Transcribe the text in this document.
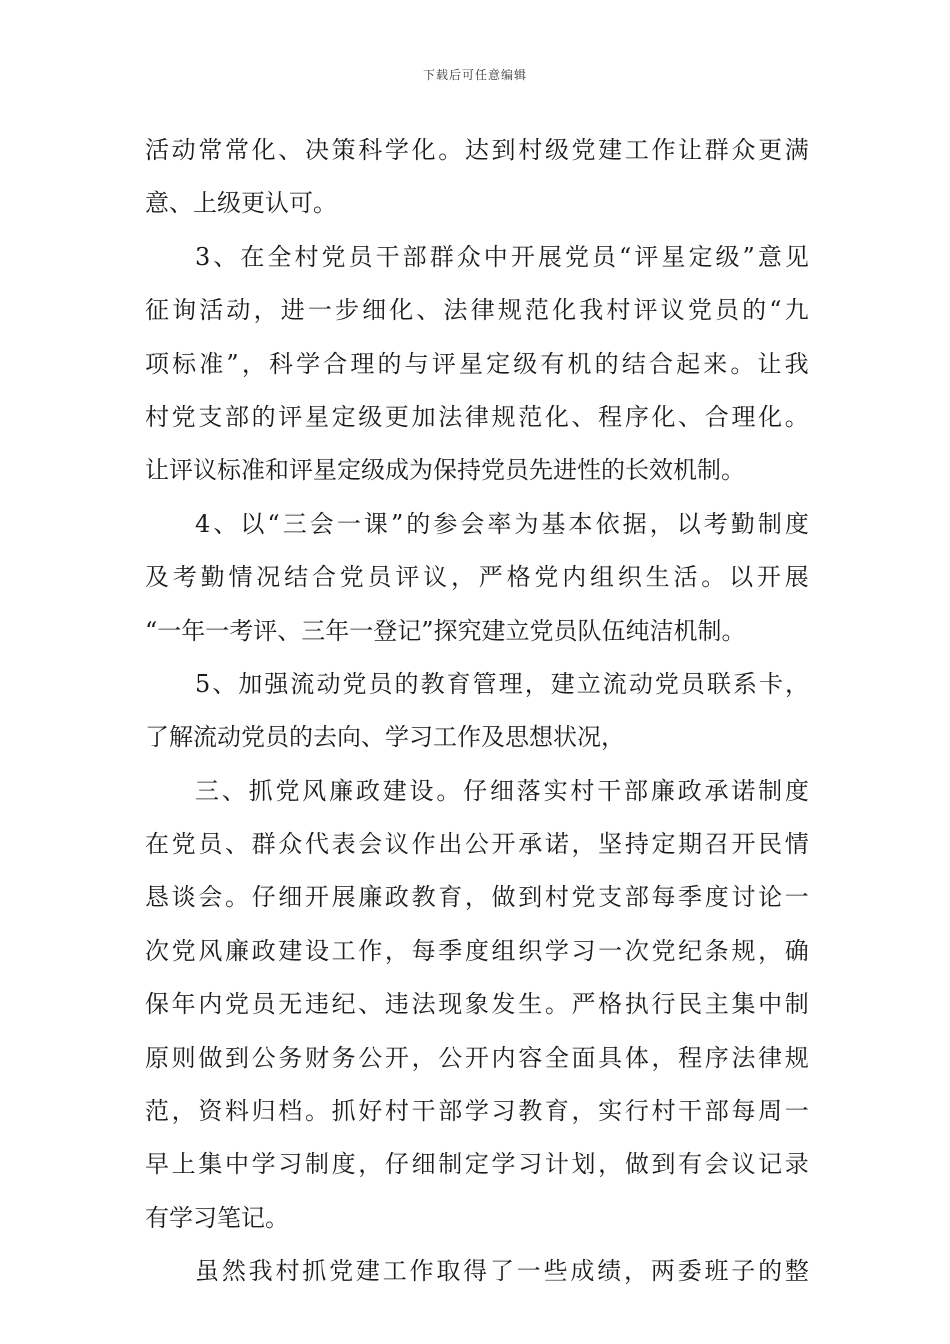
下载后可任意编辑
活 动 常 常 化 、 决 策 科 学 化 。 达 到 村 级 党 建 工 作 让 群 众 更 满
意、上级更认可。
3 、 在 全 村 党 员 干 部 群 众 中 开 展 党 员 “ 评 星 定 级 ” 意 见
征 询 活 动 ， 进 一 步 细 化 、 法 律 规 范 化 我 村 评 议 党 员 的 “ 九
项 标 准 ” ， 科 学 合 理 的 与 评 星 定 级 有 机 的 结 合 起 来 。 让 我
村 党 支 部 的 评 星 定 级 更 加 法 律 规 范 化 、 程 序 化 、 合 理 化 。
让评议标准和评星定级成为保持党员先进性的长效机制。
4 、 以 “ 三 会 一 课 ” 的 参 会 率 为 基 本 依 据 ， 以 考 勤 制 度
及 考 勤 情 况 结 合 党 员 评 议 ， 严 格 党 内 组 织 生 活 。 以 开 展
“一年一考评、三年一登记”探究建立党员队伍纯洁机制。
5 、 加 强 流 动 党 员 的 教 育 管 理 ， 建 立 流 动 党 员 联 系 卡 ，
了解流动党员的去向、学习工作及思想状况，
三 、 抓 党 风 廉 政 建 设 。 仔 细 落 实 村 干 部 廉 政 承 诺 制 度
在 党 员 、 群 众 代 表 会 议 作 出 公 开 承 诺 ， 坚 持 定 期 召 开 民 情
恳 谈 会 。 仔 细 开 展 廉 政 教 育 ， 做 到 村 党 支 部 每 季 度 讨 论 一
次 党 风 廉 政 建 设 工 作 ， 每 季 度 组 织 学 习 一 次 党 纪 条 规 ， 确
保 年 内 党 员 无 违 纪 、 违 法 现 象 发 生 。 严 格 执 行 民 主 集 中 制
原 则 做 到 公 务 财 务 公 开 ， 公 开 内 容 全 面 具 体 ， 程 序 法 律 规
范 ， 资 料 归 档 。 抓 好 村 干 部 学 习 教 育 ， 实 行 村 干 部 每 周 一
早 上 集 中 学 习 制 度 ， 仔 细 制 定 学 习 计 划 ， 做 到 有 会 议 记 录
有学习笔记。
虽 然 我 村 抓 党 建 工 作 取 得 了 一 些 成 绩 ， 两 委 班 子 的 整
